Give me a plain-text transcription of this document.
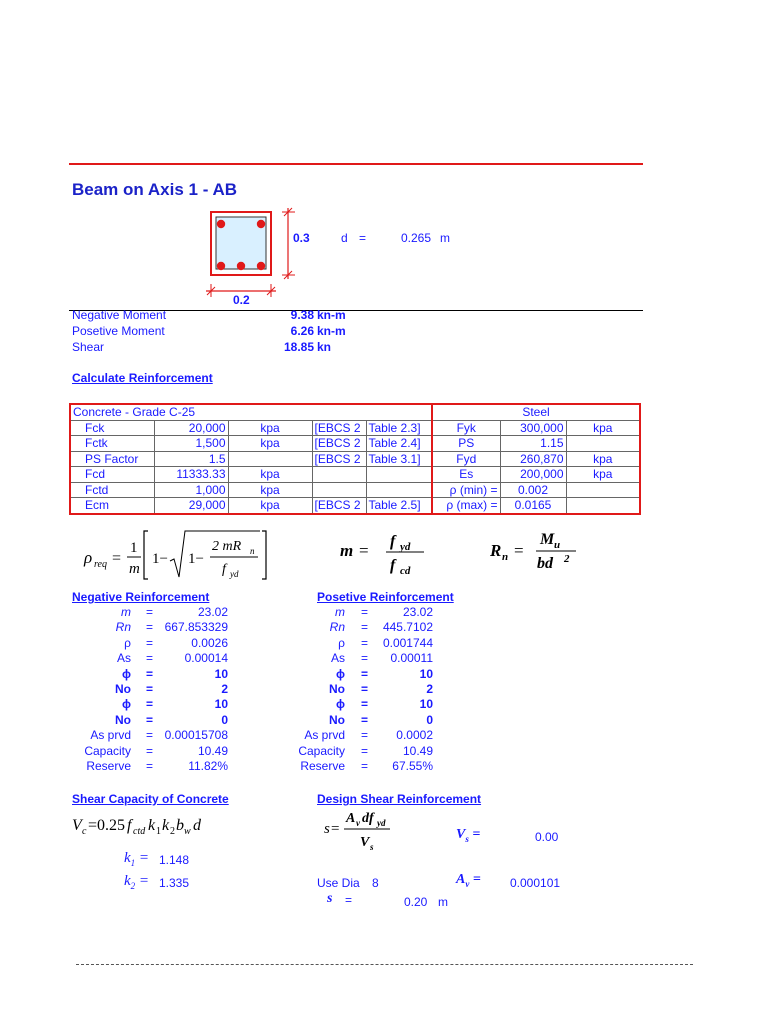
Beam on Axis 1 - AB
0.3
0.2
d =	0.265 m
Negative Moment	9.38 kn-m
Posetive Moment	6.26 kn-m
Shear	18.85 kn
Calculate Reinforcement
Concrete - Grade C-25					Steel		
Fck	20,000	kpa	[EBCS 2	Table 2.3]	Fyk	300,000	kpa
Fctk	1,500	kpa	[EBCS 2	Table 2.4]	PS	1.15	
PS Factor	1.5		[EBCS 2	Table 3.1]	Fyd	260,870	kpa
Fcd	11333.33	kpa			Es	200,000	kpa
Fctd	1,000	kpa			ρ (min) =	0.002	
Ecm	29,000	kpa	[EBCS 2	Table 2.5]	ρ (max) =	0.0165	
ρ req =
1
m
1− 1−
2 mR n
f yd
m = f yd
f cd
R n =
M u
bd 2
Negative Reinforcement
m =	23.02
Rn = 667.853329
ρ =	0.0026
As =	0.00014
ϕ =	10
No =	2
ϕ =	10
No =	0
As prvd = 0.00015708
Capacity =	10.49
Reserve =	11.82%
Posetive Reinforcement
m =	23.02
Rn =	445.7102
ρ =	0.001744
As =	0.00011
ϕ =	10
No =	2
ϕ =	10
No =	0
As prvd =	0.0002
Capacity =	10.49
Reserve =	67.55%
Shear Capacity of Concrete
V c =0.25 f ctd k 1 k 2 b w d
$k_1 = 1.148$
$k_2 = 1.335$
Design Shear Reinforcement
s =
A v df yd
V s
$V_s$ =	0.00
Use Dia 8	$A_v = 0.000101$
s =	0.20 m
